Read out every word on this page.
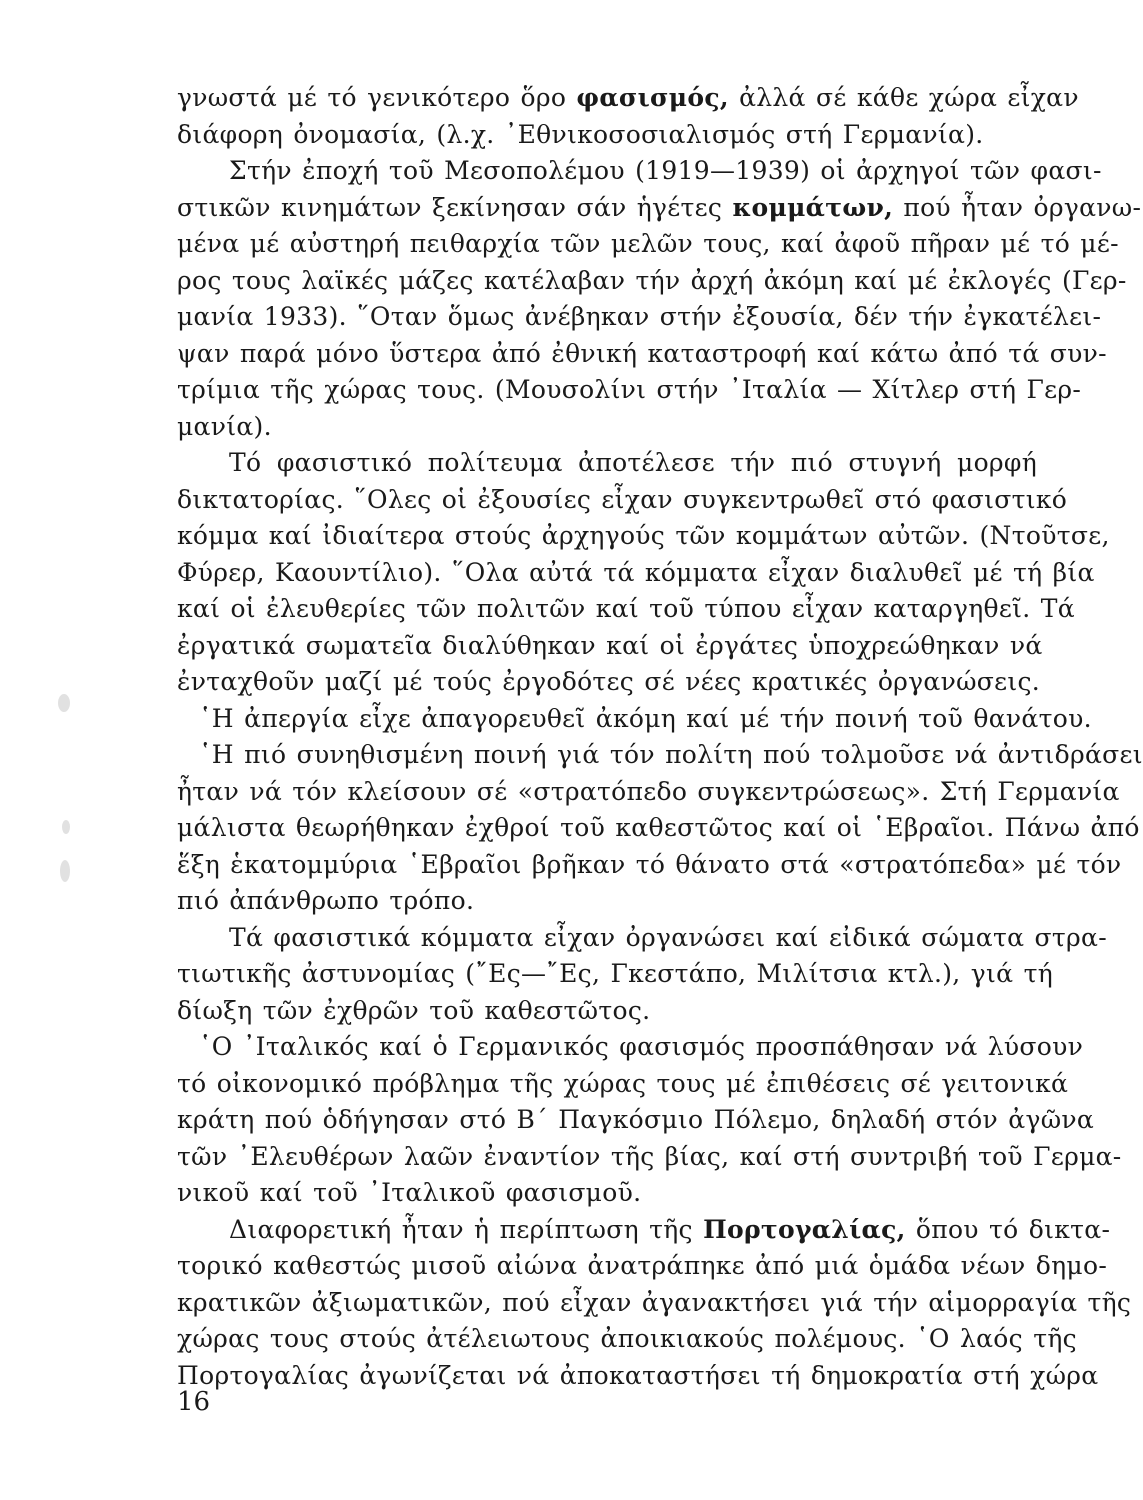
γνωστά μέ τό γενικότερο ὅρο φασισμός, ἀλλά σέ κάθε χώρα εἶχαν
διάφορη ὀνομασία, (λ.χ. ᾿Εθνικοσοσιαλισμός στή Γερμανία).
Στήν ἐποχή τοῦ Μεσοπολέμου (1919—1939) οἱ ἀρχηγοί τῶν φασι-
στικῶν κινημάτων ξεκίνησαν σάν ἡγέτες κομμάτων, πού ἦταν ὀργανω-
μένα μέ αὐστηρή πειθαρχία τῶν μελῶν τους, καί ἀφοῦ πῆραν μέ τό μέ-
ρος τους λαϊκές μάζες κατέλαβαν τήν ἀρχή ἀκόμη καί μέ ἐκλογές (Γερ-
μανία 1933). ῞Οταν ὅμως ἀνέβηκαν στήν ἐξουσία, δέν τήν ἐγκατέλει-
ψαν παρά μόνο ὕστερα ἀπό ἐθνική καταστροφή καί κάτω ἀπό τά συν-
τρίμια τῆς χώρας τους. (Μουσολίνι στήν ᾿Ιταλία — Χίτλερ στή Γερ-
μανία).
Τό φασιστικό πολίτευμα ἀποτέλεσε τήν πιό στυγνή μορφή
δικτατορίας. ῞Ολες οἱ ἐξουσίες εἶχαν συγκεντρωθεῖ στό φασιστικό
κόμμα καί ἰδιαίτερα στούς ἀρχηγούς τῶν κομμάτων αὐτῶν. (Ντοῦτσε,
Φύρερ, Καουντίλιο). ῞Ολα αὐτά τά κόμματα εἶχαν διαλυθεῖ μέ τή βία
καί οἱ ἐλευθερίες τῶν πολιτῶν καί τοῦ τύπου εἶχαν καταργηθεῖ. Τά
ἐργατικά σωματεῖα διαλύθηκαν καί οἱ ἐργάτες ὑποχρεώθηκαν νά
ἐνταχθοῦν μαζί μέ τούς ἐργοδότες σέ νέες κρατικές ὀργανώσεις.
῾Η ἀπεργία εἶχε ἀπαγορευθεῖ ἀκόμη καί μέ τήν ποινή τοῦ θανάτου.
῾Η πιό συνηθισμένη ποινή γιά τόν πολίτη πού τολμοῦσε νά ἀντιδράσει
ἦταν νά τόν κλείσουν σέ «στρατόπεδο συγκεντρώσεως». Στή Γερμανία
μάλιστα θεωρήθηκαν ἐχθροί τοῦ καθεστῶτος καί οἱ ῾Εβραῖοι. Πάνω ἀπό
ἕξη ἑκατομμύρια ῾Εβραῖοι βρῆκαν τό θάνατο στά «στρατόπεδα» μέ τόν
πιό ἀπάνθρωπο τρόπο.
Τά φασιστικά κόμματα εἶχαν ὀργανώσει καί εἰδικά σώματα στρα-
τιωτικῆς ἀστυνομίας (῎Ες—῎Ες, Γκεστάπο, Μιλίτσια κτλ.), γιά τή
δίωξη τῶν ἐχθρῶν τοῦ καθεστῶτος.
῾Ο ᾿Ιταλικός καί ὁ Γερμανικός φασισμός προσπάθησαν νά λύσουν
τό οἰκονομικό πρόβλημα τῆς χώρας τους μέ ἐπιθέσεις σέ γειτονικά
κράτη πού ὁδήγησαν στό Β΄ Παγκόσμιο Πόλεμο, δηλαδή στόν ἀγῶνα
τῶν ᾿Ελευθέρων λαῶν ἐναντίον τῆς βίας, καί στή συντριβή τοῦ Γερμα-
νικοῦ καί τοῦ ᾿Ιταλικοῦ φασισμοῦ.
Διαφορετική ἦταν ἡ περίπτωση τῆς Πορτογαλίας, ὅπου τό δικτα-
τορικό καθεστώς μισοῦ αἰώνα ἀνατράπηκε ἀπό μιά ὁμάδα νέων δημο-
κρατικῶν ἀξιωματικῶν, πού εἶχαν ἀγανακτήσει γιά τήν αἱμορραγία τῆς
χώρας τους στούς ἀτέλειωτους ἀποικιακούς πολέμους. ῾Ο λαός τῆς
Πορτογαλίας ἀγωνίζεται νά ἀποκαταστήσει τή δημοκρατία στή χώρα
16
